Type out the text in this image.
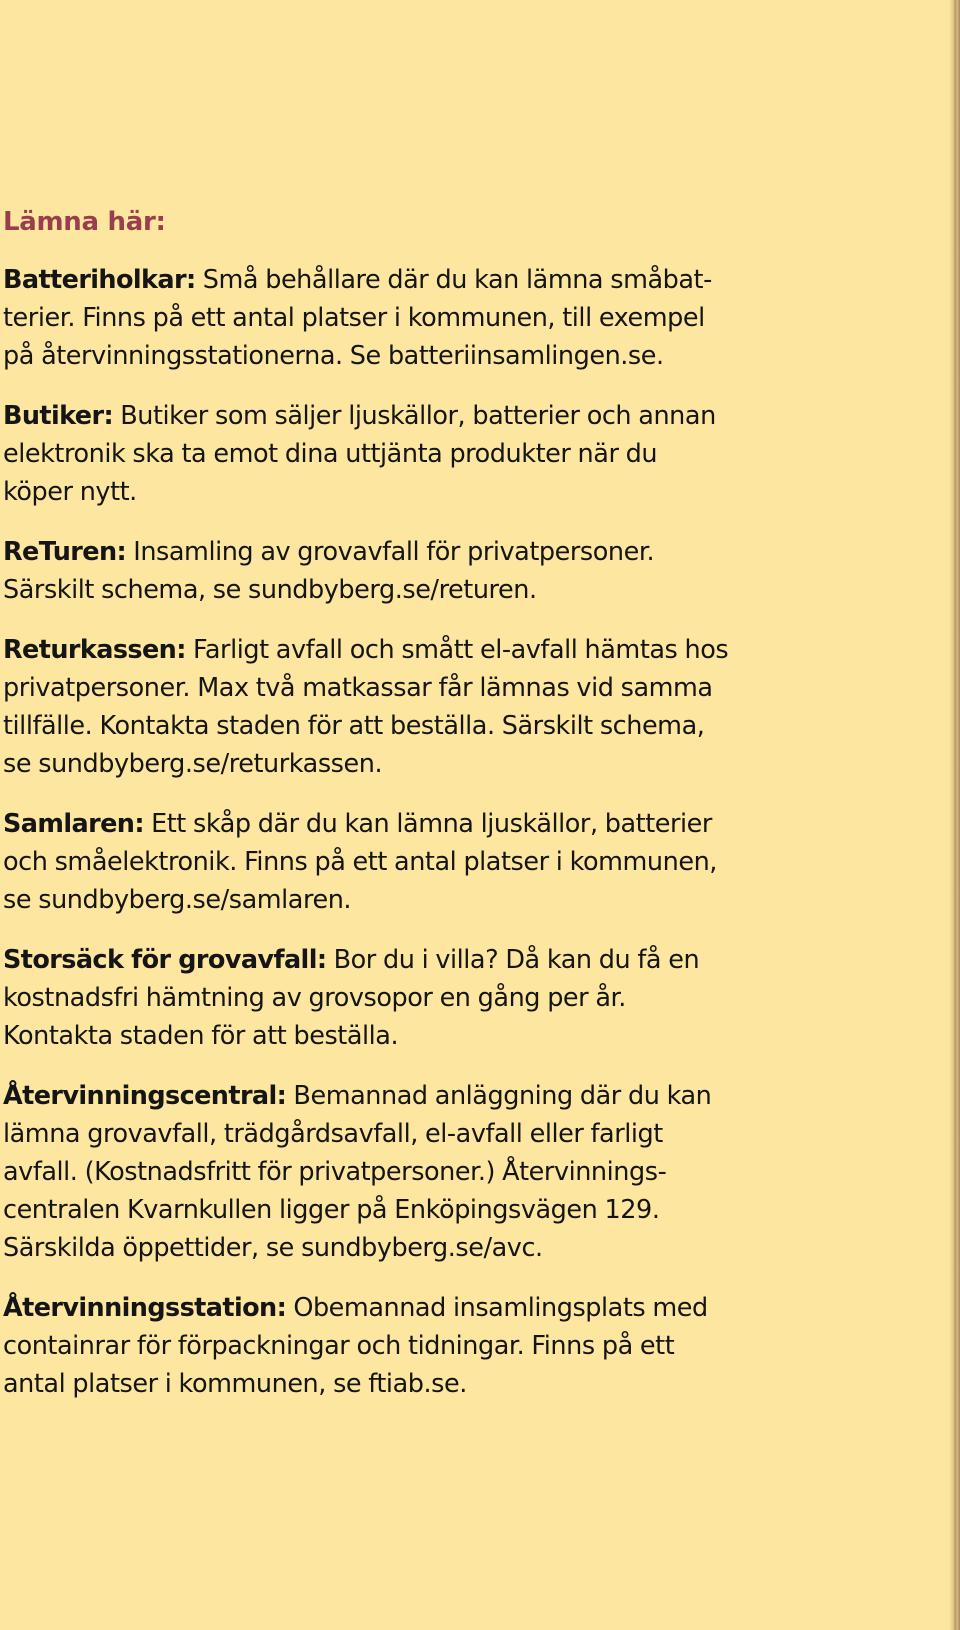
Lämna här:

Batteriholkar: Små behållare där du kan lämna småbat-
terier. Finns på ett antal platser i kommunen, till exempel
på återvinningsstationerna. Se batteriinsamlingen.se.

Butiker: Butiker som säljer ljuskällor, batterier och annan
elektronik ska ta emot dina uttjänta produkter när du
köper nytt.

ReTuren: Insamling av grovavfall för privatpersoner.
Särskilt schema, se sundbyberg.se/returen.

Returkassen: Farligt avfall och smått el-avfall hämtas hos
privatpersoner. Max två matkassar får lämnas vid samma
tillfälle. Kontakta staden för att beställa. Särskilt schema,
se sundbyberg.se/returkassen.

Samlaren: Ett skåp där du kan lämna ljuskällor, batterier
och småelektronik. Finns på ett antal platser i kommunen,
se sundbyberg.se/samlaren.

Storsäck för grovavfall: Bor du i villa? Då kan du få en
kostnadsfri hämtning av grovsopor en gång per år.
Kontakta staden för att beställa.

Återvinningscentral: Bemannad anläggning där du kan
lämna grovavfall, trädgårdsavfall, el-avfall eller farligt
avfall. (Kostnadsfritt för privatpersoner.) Återvinnings-
centralen Kvarnkullen ligger på Enköpingsvägen 129.
Särskilda öppettider, se sundbyberg.se/avc.

Återvinningsstation: Obemannad insamlingsplats med
containrar för förpackningar och tidningar. Finns på ett
antal platser i kommunen, se ftiab.se.
